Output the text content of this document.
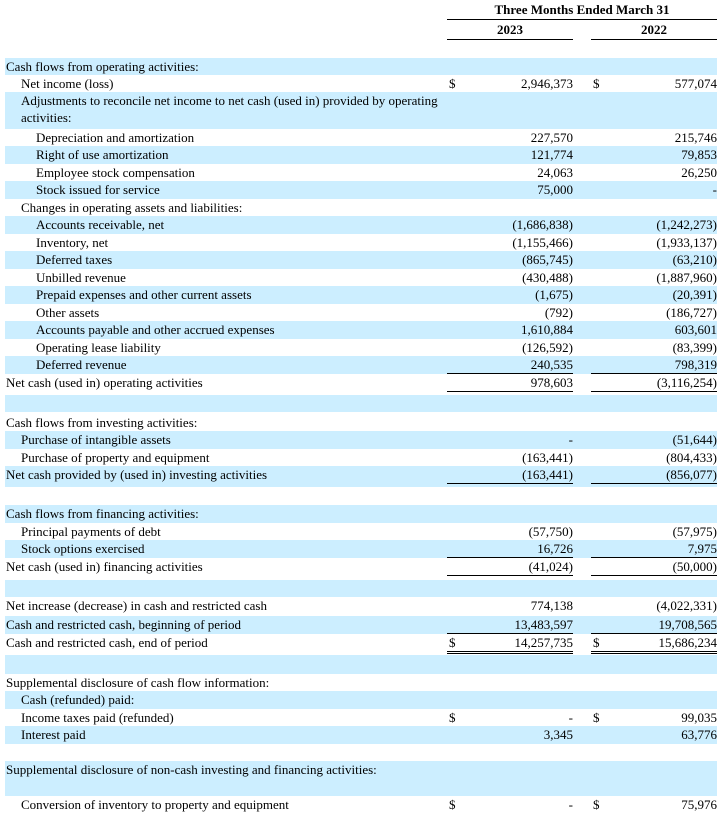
Three Months Ended March 31
2023	2022
Cash flows from operating activities:
Net income (loss)	$	2,946,373 $	577,074
Adjustments to reconcile net income to net cash (used in) provided by operating activities:
Depreciation and amortization	227,570	215,746
Right of use amortization	121,774	79,853
Employee stock compensation	24,063	26,250
Stock issued for service	75,000	-
Changes in operating assets and liabilities:
Accounts receivable, net	(1,686,838)	(1,242,273)
Inventory, net	(1,155,466)	(1,933,137)
Deferred taxes	(865,745)	(63,210)
Unbilled revenue	(430,488)	(1,887,960)
Prepaid expenses and other current assets	(1,675)	(20,391)
Other assets	(792)	(186,727)
Accounts payable and other accrued expenses	1,610,884	603,601
Operating lease liability	(126,592)	(83,399)
Deferred revenue	240,535	798,319
Net cash (used in) operating activities	978,603	(3,116,254)
Cash flows from investing activities:
Purchase of intangible assets	-	(51,644)
Purchase of property and equipment	(163,441)	(804,433)
Net cash provided by (used in) investing activities	(163,441)	(856,077)
Cash flows from financing activities:
Principal payments of debt	(57,750)	(57,975)
Stock options exercised	16,726	7,975
Net cash (used in) financing activities	(41,024)	(50,000)
Net increase (decrease) in cash and restricted cash	774,138	(4,022,331)
Cash and restricted cash, beginning of period	13,483,597	19,708,565
Cash and restricted cash, end of period	$	14,257,735 $	15,686,234
Supplemental disclosure of cash flow information:
Cash (refunded) paid:
Income taxes paid (refunded)	$	- $	99,035
Interest paid	3,345	63,776
Supplemental disclosure of non-cash investing and financing activities:
Conversion of inventory to property and equipment	$	- $	75,976
